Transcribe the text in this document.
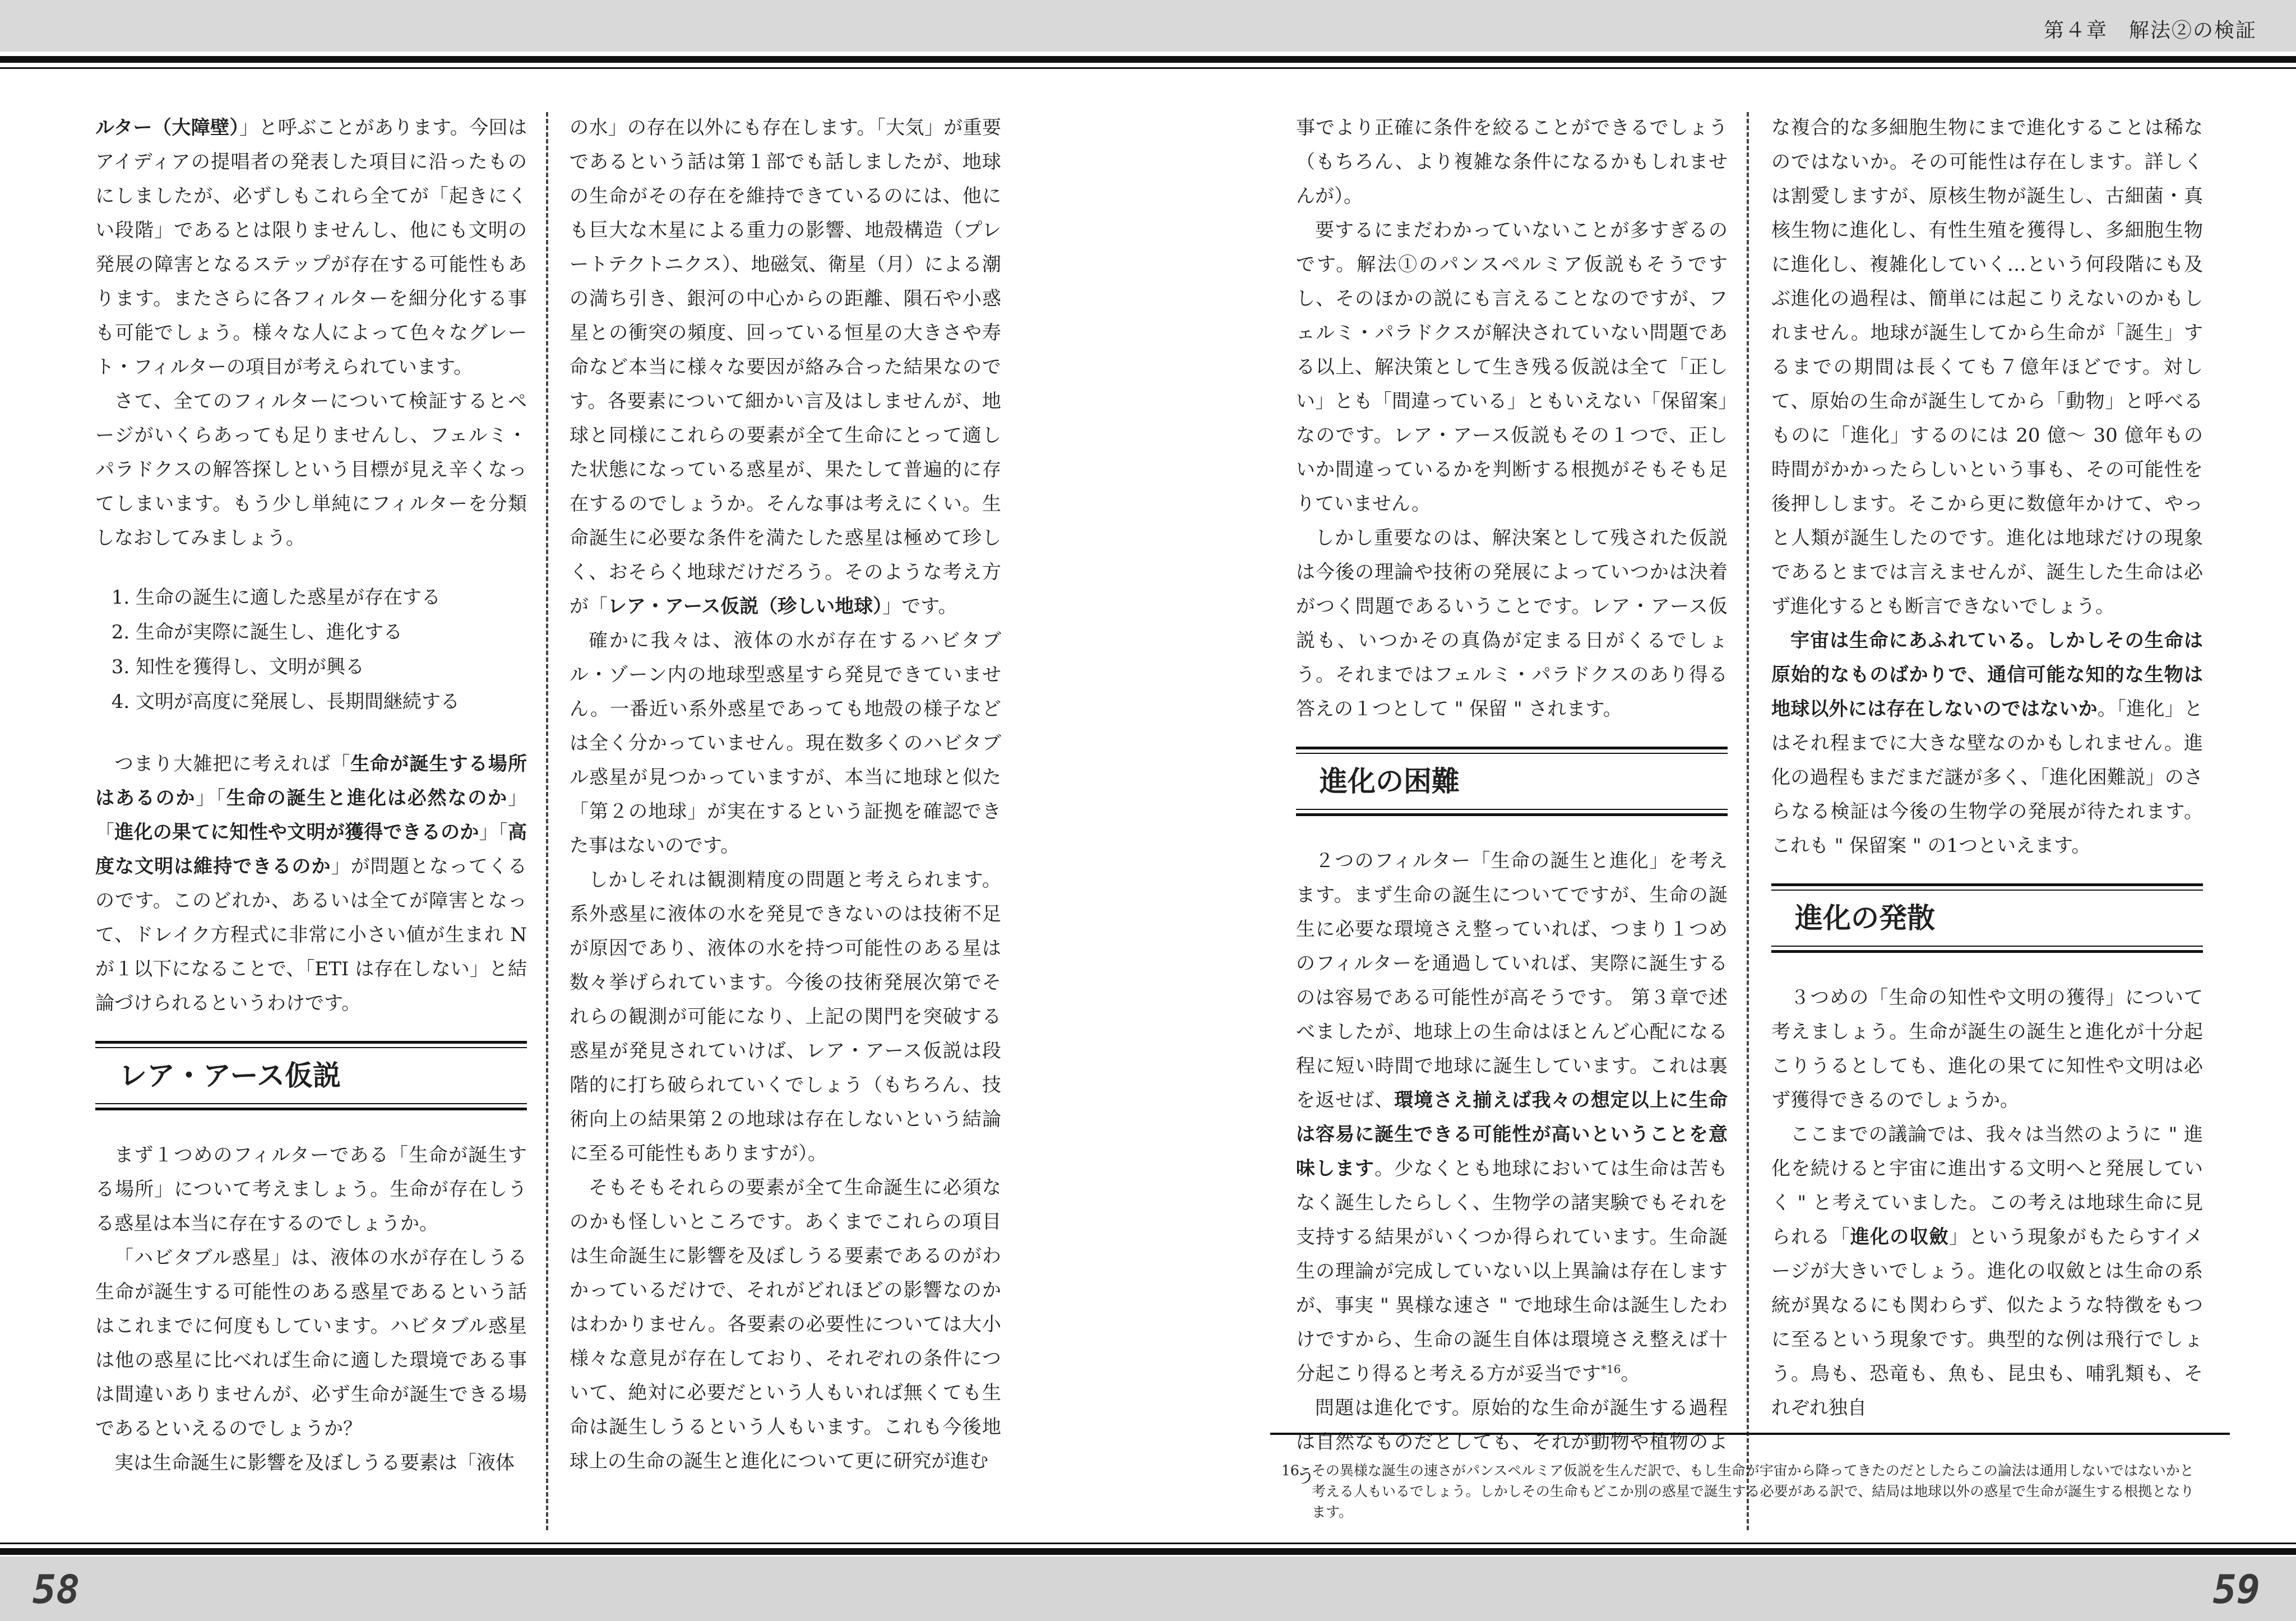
第４章　解法②の検証

ルター（大障壁）」と呼ぶことがあります。今回はアイディアの提唱者の発表した項目に沿ったものにしましたが、必ずしもこれら全てが「起きにくい段階」であるとは限りませんし、他にも文明の発展の障害となるステップが存在する可能性もあります。またさらに各フィルターを細分化する事も可能でしょう。様々な人によって色々なグレート・フィルターの項目が考えられています。

さて、全てのフィルターについて検証するとページがいくらあっても足りませんし、フェルミ・パラドクスの解答探しという目標が見え辛くなってしまいます。もう少し単純にフィルターを分類しなおしてみましょう。

1. 生命の誕生に適した惑星が存在する
2. 生命が実際に誕生し、進化する
3. 知性を獲得し、文明が興る
4. 文明が高度に発展し、長期間継続する

つまり大雑把に考えれば「生命が誕生する場所はあるのか」「生命の誕生と進化は必然なのか」「進化の果てに知性や文明が獲得できるのか」「高度な文明は維持できるのか」が問題となってくるのです。このどれか、あるいは全てが障害となって、ドレイク方程式に非常に小さい値が生まれ N が１以下になることで、「ETI は存在しない」と結論づけられるというわけです。

レア・アース仮説

まず１つめのフィルターである「生命が誕生する場所」について考えましょう。生命が存在しうる惑星は本当に存在するのでしょうか。

「ハビタブル惑星」は、液体の水が存在しうる生命が誕生する可能性のある惑星であるという話はこれまでに何度もしています。ハビタブル惑星は他の惑星に比べれば生命に適した環境である事は間違いありませんが、必ず生命が誕生できる場であるといえるのでしょうか？

実は生命誕生に影響を及ぼしうる要素は「液体

の水」の存在以外にも存在します。「大気」が重要であるという話は第１部でも話しましたが、地球の生命がその存在を維持できているのには、他にも巨大な木星による重力の影響、地殻構造（プレートテクトニクス）、地磁気、衛星（月）による潮の満ち引き、銀河の中心からの距離、隕石や小惑星との衝突の頻度、回っている恒星の大きさや寿命など本当に様々な要因が絡み合った結果なのです。各要素について細かい言及はしませんが、地球と同様にこれらの要素が全て生命にとって適した状態になっている惑星が、果たして普遍的に存在するのでしょうか。そんな事は考えにくい。生命誕生に必要な条件を満たした惑星は極めて珍しく、おそらく地球だけだろう。そのような考え方が「レア・アース仮説（珍しい地球）」です。

確かに我々は、液体の水が存在するハビタブル・ゾーン内の地球型惑星すら発見できていません。一番近い系外惑星であっても地殻の様子などは全く分かっていません。現在数多くのハビタブル惑星が見つかっていますが、本当に地球と似た「第２の地球」が実在するという証拠を確認できた事はないのです。

しかしそれは観測精度の問題と考えられます。系外惑星に液体の水を発見できないのは技術不足が原因であり、液体の水を持つ可能性のある星は数々挙げられています。今後の技術発展次第でそれらの観測が可能になり、上記の関門を突破する惑星が発見されていけば、レア・アース仮説は段階的に打ち破られていくでしょう（もちろん、技術向上の結果第２の地球は存在しないという結論に至る可能性もありますが）。

そもそもそれらの要素が全て生命誕生に必須なのかも怪しいところです。あくまでこれらの項目は生命誕生に影響を及ぼしうる要素であるのがわかっているだけで、それがどれほどの影響なのかはわかりません。各要素の必要性については大小様々な意見が存在しており、それぞれの条件について、絶対に必要だという人もいれば無くても生命は誕生しうるという人もいます。これも今後地球上の生命の誕生と進化について更に研究が進む

事でより正確に条件を絞ることができるでしょう（もちろん、より複雑な条件になるかもしれませんが）。

要するにまだわかっていないことが多すぎるのです。解法①のパンスペルミア仮説もそうですし、そのほかの説にも言えることなのですが、フェルミ・パラドクスが解決されていない問題である以上、解決策として生き残る仮説は全て「正しい」とも「間違っている」ともいえない「保留案」なのです。レア・アース仮説もその１つで、正しいか間違っているかを判断する根拠がそもそも足りていません。

しかし重要なのは、解決案として残された仮説は今後の理論や技術の発展によっていつかは決着がつく問題であるいうことです。レア・アース仮説も、いつかその真偽が定まる日がくるでしょう。それまではフェルミ・パラドクスのあり得る答えの１つとして " 保留 " されます。

進化の困難

２つのフィルター「生命の誕生と進化」を考えます。まず生命の誕生についてですが、生命の誕生に必要な環境さえ整っていれば、つまり１つめのフィルターを通過していれば、実際に誕生するのは容易である可能性が高そうです。 第３章で述べましたが、地球上の生命はほとんど心配になる程に短い時間で地球に誕生しています。これは裏を返せば、環境さえ揃えば我々の想定以上に生命は容易に誕生できる可能性が高いということを意味します。少なくとも地球においては生命は苦もなく誕生したらしく、生物学の諸実験でもそれを支持する結果がいくつか得られています。生命誕生の理論が完成していない以上異論は存在しますが、事実 " 異様な速さ " で地球生命は誕生したわけですから、生命の誕生自体は環境さえ整えば十分起こり得ると考える方が妥当です$^{*16}$。

問題は進化です。原始的な生命が誕生する過程は自然なものだとしても、それが動物や植物のよう

な複合的な多細胞生物にまで進化することは稀なのではないか。その可能性は存在します。詳しくは割愛しますが、原核生物が誕生し、古細菌・真核生物に進化し、有性生殖を獲得し、多細胞生物に進化し、複雑化していく…という何段階にも及ぶ進化の過程は、簡単には起こりえないのかもしれません。地球が誕生してから生命が「誕生」するまでの期間は長くても７億年ほどです。対して、原始の生命が誕生してから「動物」と呼べるものに「進化」するのには 20 億〜 30 億年もの時間がかかったらしいという事も、その可能性を後押しします。そこから更に数億年かけて、やっと人類が誕生したのです。進化は地球だけの現象であるとまでは言えませんが、誕生した生命は必ず進化するとも断言できないでしょう。

宇宙は生命にあふれている。しかしその生命は原始的なものばかりで、通信可能な知的な生物は地球以外には存在しないのではないか。「進化」とはそれ程までに大きな壁なのかもしれません。進化の過程もまだまだ謎が多く、「進化困難説」のさらなる検証は今後の生物学の発展が待たれます。これも " 保留案 " の1つといえます。

進化の発散

３つめの「生命の知性や文明の獲得」について考えましょう。生命が誕生の誕生と進化が十分起こりうるとしても、進化の果てに知性や文明は必ず獲得できるのでしょうか。

ここまでの議論では、我々は当然のように " 進化を続けると宇宙に進出する文明へと発展していく " と考えていました。この考えは地球生命に見られる「進化の収斂」という現象がもたらすイメージが大きいでしょう。進化の収斂とは生命の系統が異なるにも関わらず、似たような特徴をもつに至るという現象です。典型的な例は飛行でしょう。鳥も、恐竜も、魚も、昆虫も、哺乳類も、それぞれ独自

16 その異様な誕生の速さがパンスペルミア仮説を生んだ訳で、もし生命が宇宙から降ってきたのだとしたらこの論法は通用しないではないかと考える人もいるでしょう。しかしその生命もどこか別の惑星で誕生する必要がある訳で、結局は地球以外の惑星で生命が誕生する根拠となります。
58	59
